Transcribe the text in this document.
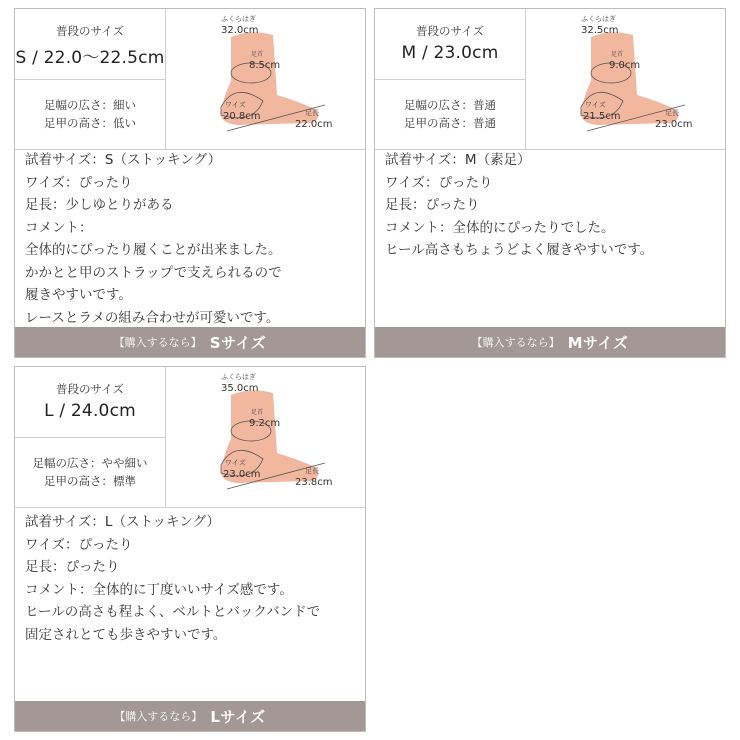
普段のサイズ
S / 22.0〜22.5cm
足幅の広さ：細い
足甲の高さ：低い
ふくらはぎ
32.0cm
足首
8.5cm
ワイズ
20.8cm	足長
22.0cm
試着サイズ：S（ストッキング）
ワイズ：ぴったり
足長：少しゆとりがある
コメント：
全体的にぴったり履くことが出来ました。
かかとと甲のストラップで支えられるので
履きやすいです。
レースとラメの組み合わせが可愛いです。
【購入するなら】 Sサイズ
普段のサイズ
M / 23.0cm
足幅の広さ：普通
足甲の高さ：普通
ふくらはぎ
32.5cm
足首
9.0cm
ワイズ
21.5cm	足長
23.0cm
試着サイズ：M（素足）
ワイズ：ぴったり
足長：ぴったり
コメント：全体的にぴったりでした。
ヒール高さもちょうどよく履きやすいです。
【購入するなら】 Mサイズ
普段のサイズ
L / 24.0cm
足幅の広さ：やや細い
足甲の高さ：標準
ふくらはぎ
35.0cm
足首
9.2cm
ワイズ
23.0cm	足長
23.8cm
試着サイズ：L（ストッキング）
ワイズ：ぴったり
足長：ぴったり
コメント：全体的に丁度いいサイズ感です。
ヒールの高さも程よく、ベルトとバックバンドで
固定されとても歩きやすいです。
【購入するなら】 Lサイズ
